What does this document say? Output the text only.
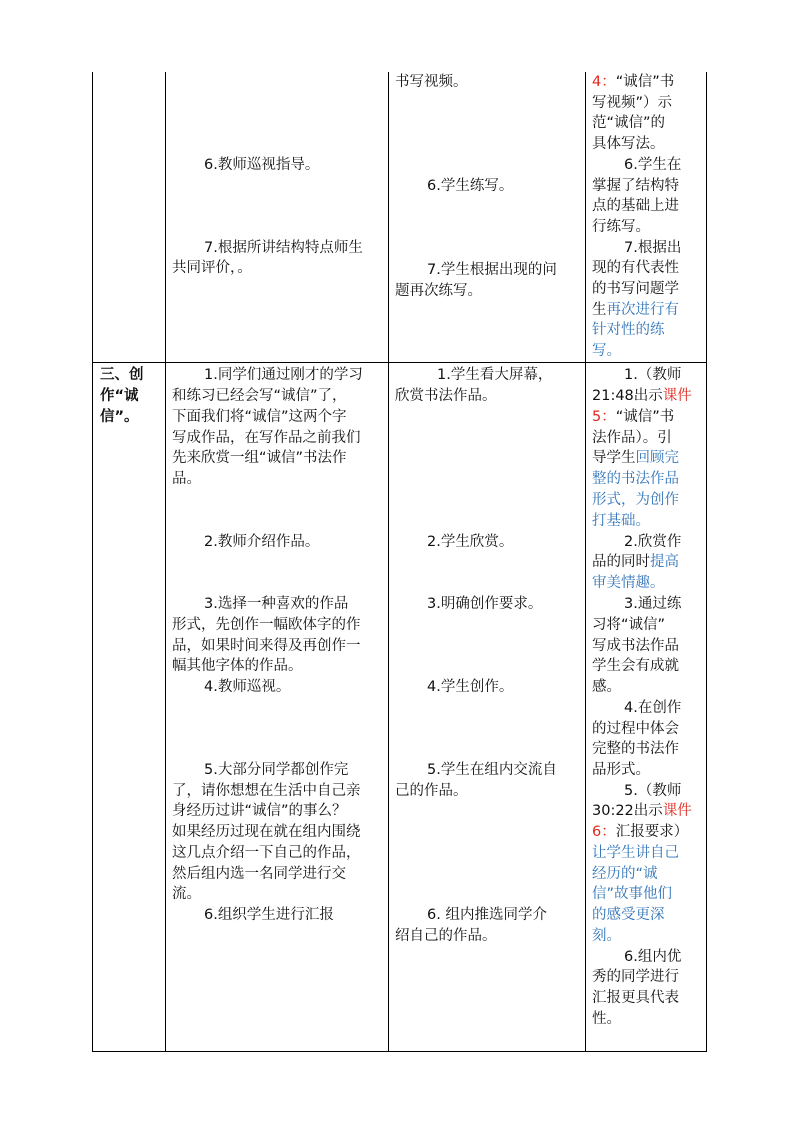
6.教师巡视指导。
7.根据所讲结构特点师生
共同评价，。
书写视频。
6.学生练写。
7.学生根据出现的问
题再次练写。
4：“诚信”书
写视频”）示
范“诚信”的
具体写法。
6.学生在
掌握了结构特
点的基础上进
行练写。
7.根据出
现的有代表性
的书写问题学
生再次进行有
针对性的练
写。
三、创
作“诚
信”。
1.同学们通过刚才的学习
和练习已经会写“诚信”了，
下面我们将“诚信”这两个字
写成作品，在写作品之前我们
先来欣赏一组“诚信”书法作
品。
2.教师介绍作品。
3.选择一种喜欢的作品
形式，先创作一幅欧体字的作
品，如果时间来得及再创作一
幅其他字体的作品。
4.教师巡视。
5.大部分同学都创作完
了，请你想想在生活中自己亲
身经历过讲“诚信”的事么？
如果经历过现在就在组内围绕
这几点介绍一下自己的作品，
然后组内选一名同学进行交
流。
6.组织学生进行汇报
1.学生看大屏幕，
欣赏书法作品。
2.学生欣赏。
3.明确创作要求。
4.学生创作。
5.学生在组内交流自
己的作品。
6. 组内推选同学介
绍自己的作品。
1.（教师
21:48出示课件
5：“诚信”书
法作品）。引
导学生回顾完
整的书法作品
形式，为创作
打基础。
2.欣赏作
品的同时提高
审美情趣。
3.通过练
习将“诚信”
写成书法作品
学生会有成就
感。
4.在创作
的过程中体会
完整的书法作
品形式。
5.（教师
30:22出示课件
6：汇报要求）
让学生讲自己
经历的“诚
信”故事他们
的感受更深
刻。
6.组内优
秀的同学进行
汇报更具代表
性。
